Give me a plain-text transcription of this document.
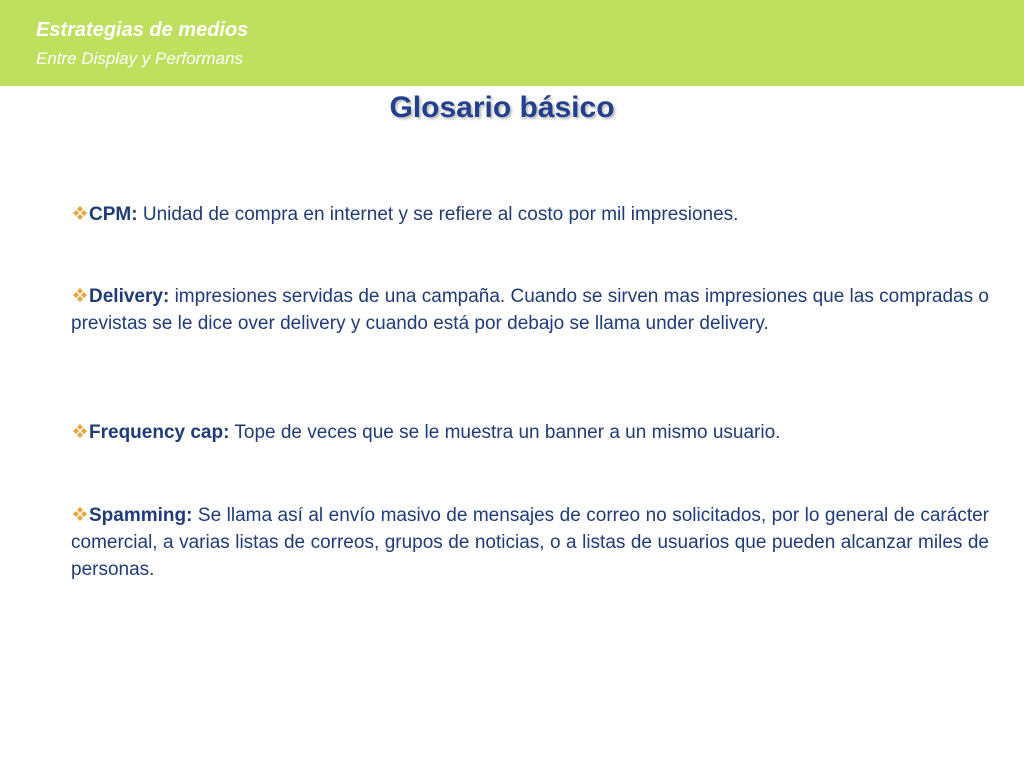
Estrategias de medios
Entre Display y Performans
Glosario básico
CPM: Unidad de compra en internet y se refiere al costo por mil impresiones.
Delivery: impresiones servidas de una campaña. Cuando se sirven mas impresiones que las compradas o previstas se le dice over delivery y cuando está por debajo se llama under delivery.
Frequency cap: Tope de veces que se le muestra un banner a un mismo usuario.
Spamming: Se llama así al envío masivo de mensajes de correo no solicitados, por lo general de carácter comercial, a varias listas de correos, grupos de noticias, o a listas de usuarios que pueden alcanzar miles de personas.
